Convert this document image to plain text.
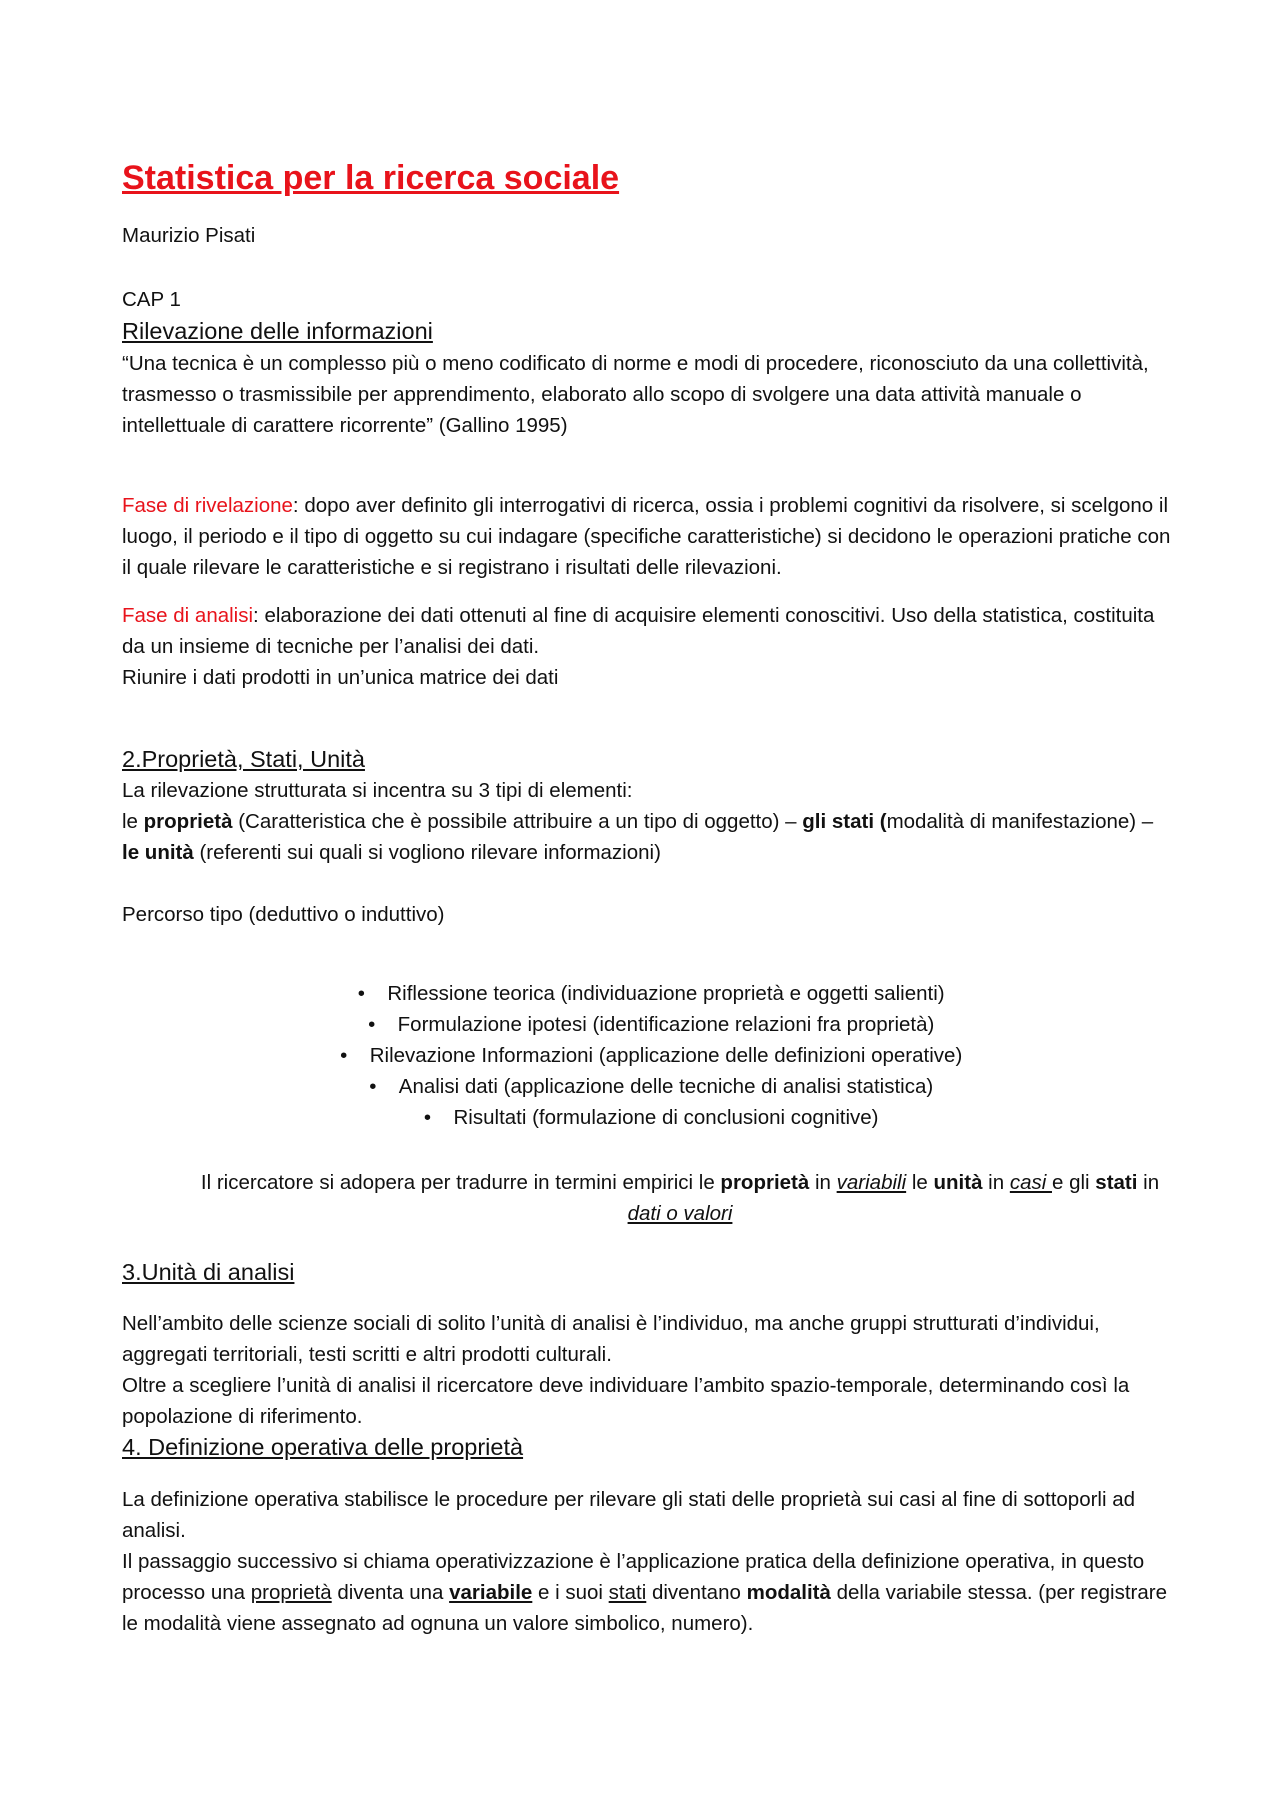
Statistica per la ricerca sociale
Maurizio Pisati
CAP 1
Rilevazione delle informazioni
“Una tecnica è un complesso più o meno codificato di norme e modi di procedere, riconosciuto da una collettività, trasmesso o trasmissibile per apprendimento, elaborato allo scopo di svolgere una data attività manuale o intellettuale di carattere ricorrente” (Gallino 1995)
Fase di rivelazione: dopo aver definito gli interrogativi di ricerca, ossia i problemi cognitivi da risolvere, si scelgono il luogo, il periodo e il tipo di oggetto su cui indagare (specifiche caratteristiche) si decidono le operazioni pratiche con il quale rilevare le caratteristiche e si registrano i risultati delle rilevazioni.
Fase di analisi: elaborazione dei dati ottenuti al fine di acquisire elementi conoscitivi. Uso della statistica, costituita da un insieme di tecniche per l’analisi dei dati.
Riunire i dati prodotti in un’unica matrice dei dati
2.Proprietà, Stati, Unità
La rilevazione strutturata si incentra su 3 tipi di elementi:
le proprietà (Caratteristica che è possibile attribuire a un tipo di oggetto) – gli stati (modalità di manifestazione) – le unità (referenti sui quali si vogliono rilevare informazioni)
Percorso tipo (deduttivo o induttivo)
• Riflessione teorica (individuazione proprietà e oggetti salienti)
• Formulazione ipotesi (identificazione relazioni fra proprietà)
• Rilevazione Informazioni (applicazione delle definizioni operative)
• Analisi dati (applicazione delle tecniche di analisi statistica)
• Risultati (formulazione di conclusioni cognitive)
Il ricercatore si adopera per tradurre in termini empirici le proprietà in variabili le unità in casi e gli stati in dati o valori
3.Unità di analisi
Nell’ambito delle scienze sociali di solito l’unità di analisi è l’individuo, ma anche gruppi strutturati d’individui, aggregati territoriali, testi scritti e altri prodotti culturali.
Oltre a scegliere l’unità di analisi il ricercatore deve individuare l’ambito spazio-temporale, determinando così la popolazione di riferimento.
4. Definizione operativa delle proprietà
La definizione operativa stabilisce le procedure per rilevare gli stati delle proprietà sui casi al fine di sottoporli ad analisi.
Il passaggio successivo si chiama operativizzazione è l’applicazione pratica della definizione operativa, in questo processo una proprietà diventa una variabile e i suoi stati diventano modalità della variabile stessa. (per registrare le modalità viene assegnato ad ognuna un valore simbolico, numero).
